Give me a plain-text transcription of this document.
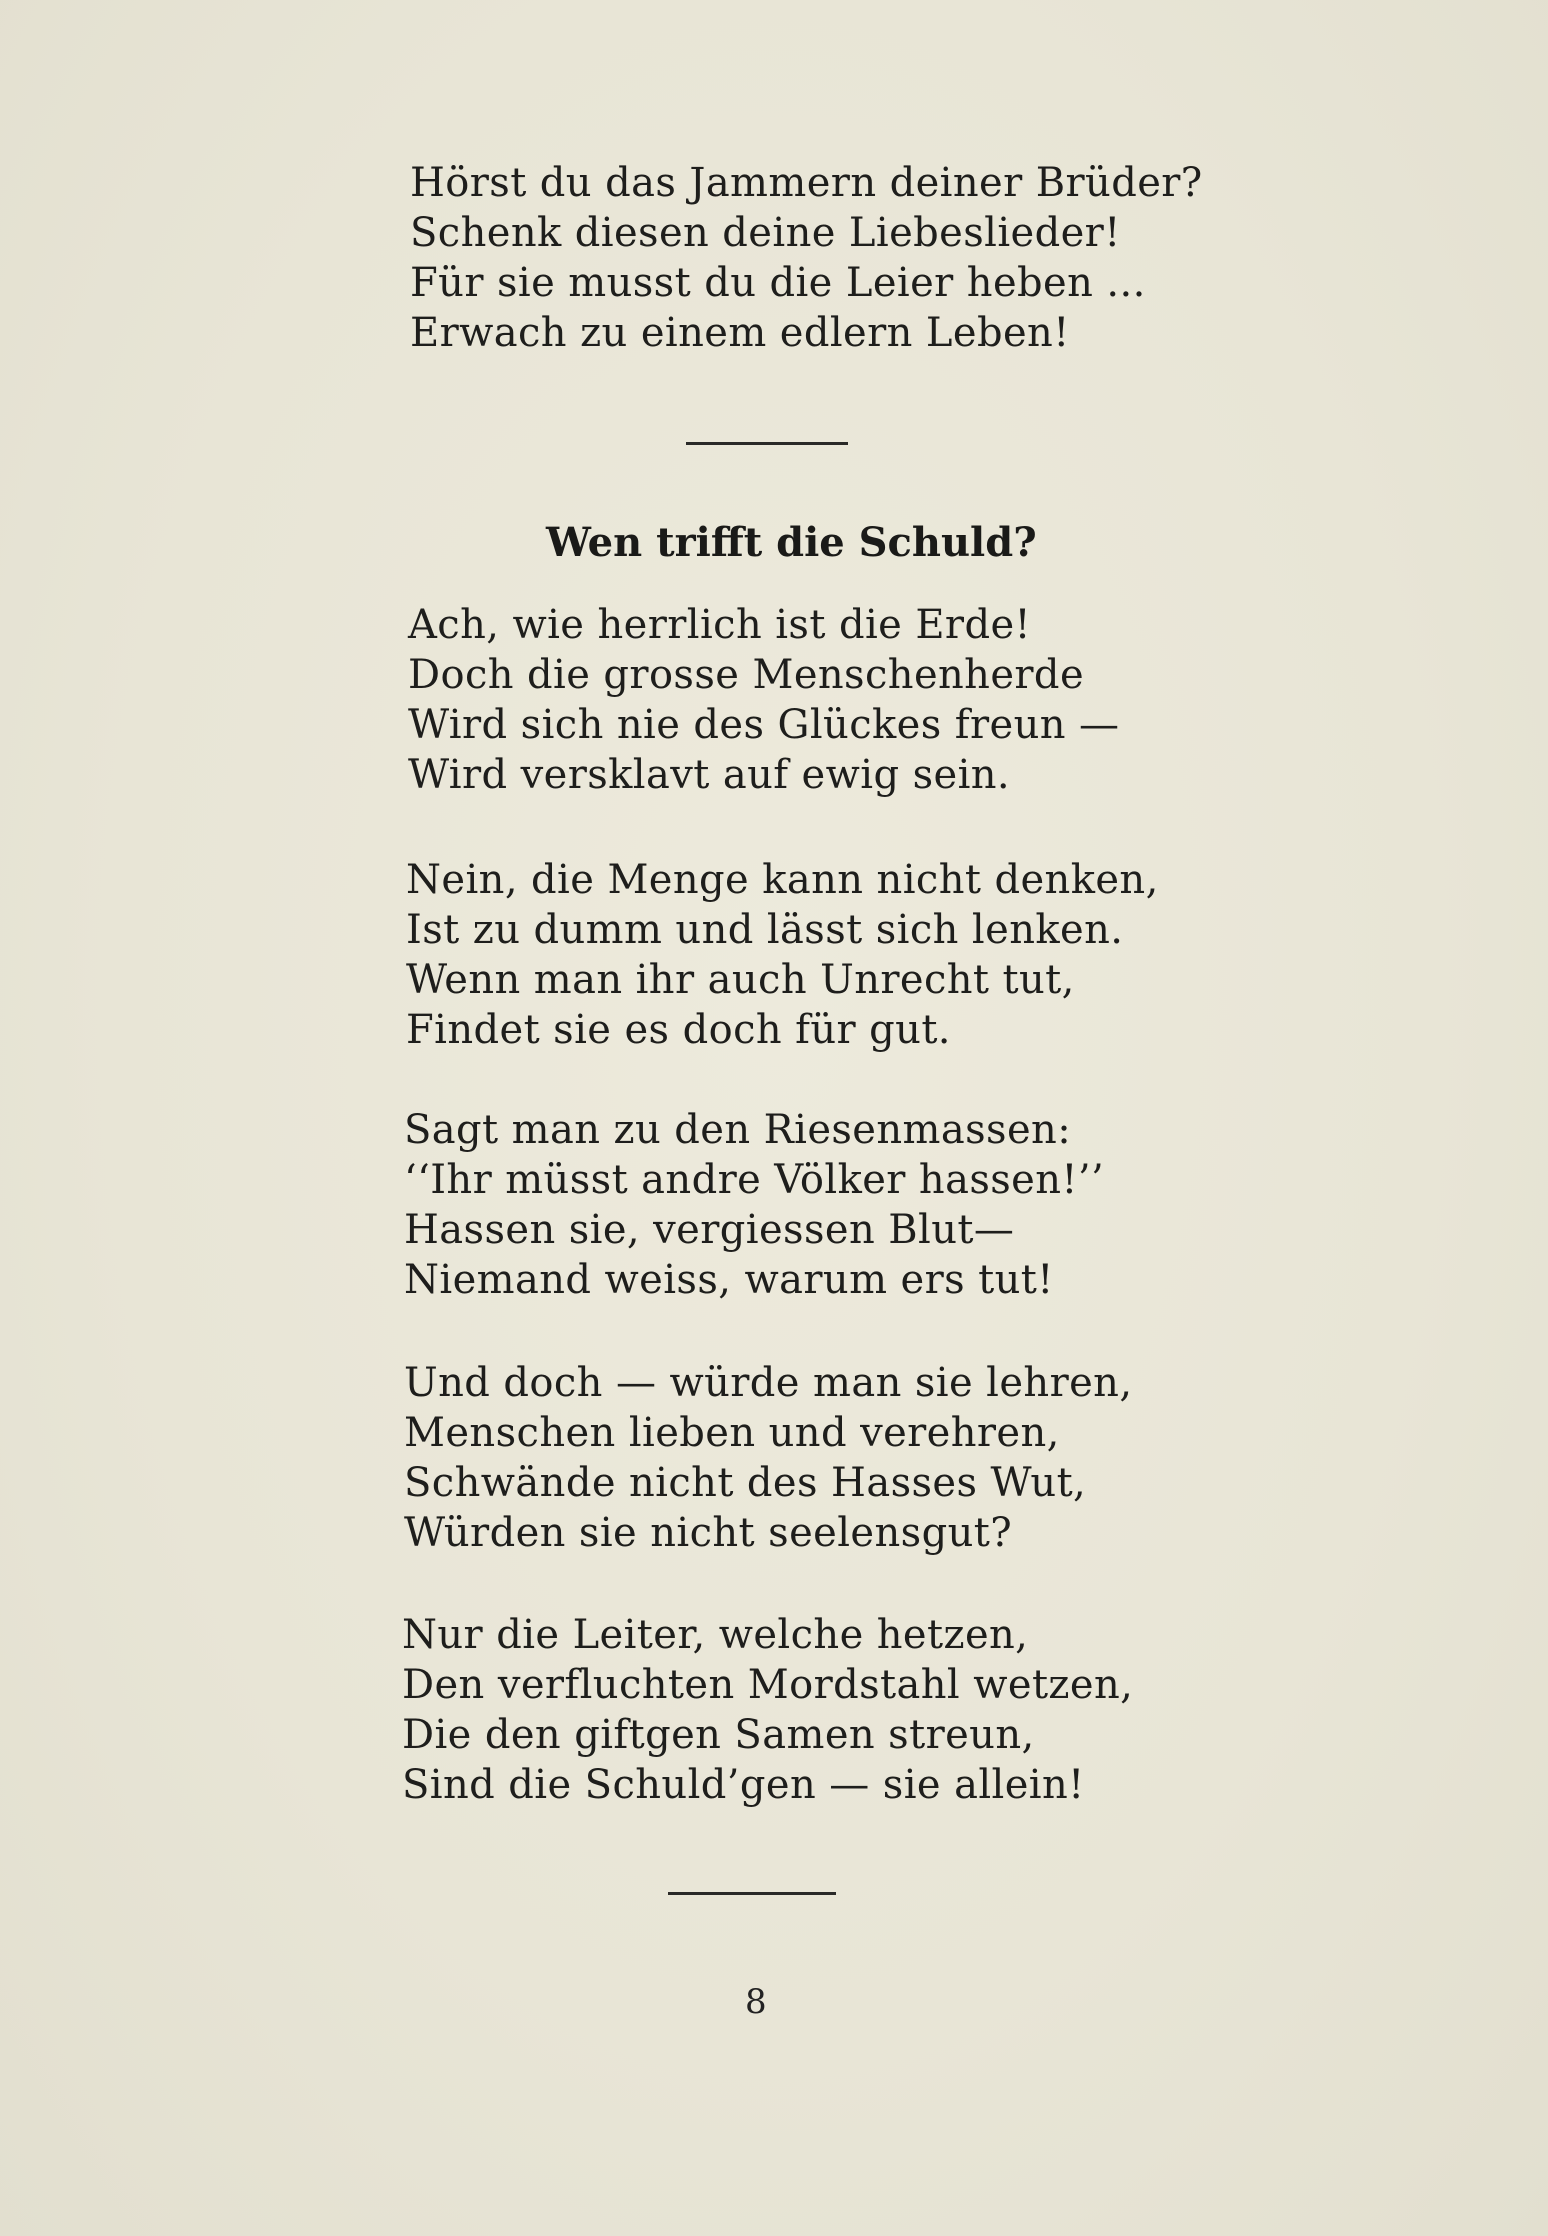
Hörst du das Jammern deiner Brüder?
Schenk diesen deine Liebeslieder!
Für sie musst du die Leier heben ...
Erwach zu einem edlern Leben!
Wen trifft die Schuld?
Ach, wie herrlich ist die Erde!
Doch die grosse Menschenherde
Wird sich nie des Glückes freun —
Wird versklavt auf ewig sein.
Nein, die Menge kann nicht denken,
Ist zu dumm und lässt sich lenken.
Wenn man ihr auch Unrecht tut,
Findet sie es doch für gut.
Sagt man zu den Riesenmassen:
‘‘Ihr müsst andre Völker hassen!’’
Hassen sie, vergiessen Blut—
Niemand weiss, warum ers tut!
Und doch — würde man sie lehren,
Menschen lieben und verehren,
Schwände nicht des Hasses Wut,
Würden sie nicht seelensgut?
Nur die Leiter, welche hetzen,
Den verfluchten Mordstahl wetzen,
Die den giftgen Samen streun,
Sind die Schuld’gen — sie allein!
8
